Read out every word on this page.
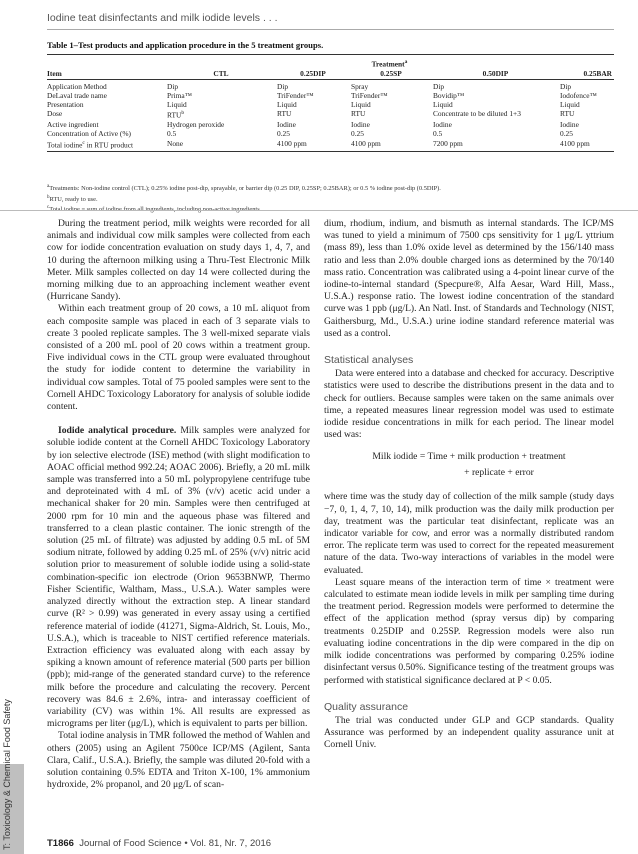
Iodine teat disinfectants and milk iodide levels . . .
Table 1–Test products and application procedure in the 5 treatment groups.
	Treatment$^a$
Item	CTL	0.25DIP	0.25SP	0.50DIP	0.25BAR
Application Method	Dip	Dip	Spray	Dip	Dip
DeLaval trade name	Prima™	TriFender™	TriFender™	Bovidip™	Iodofence™
Presentation	Liquid	Liquid	Liquid	Liquid	Liquid
Dose	RTU$^b$	RTU	RTU	Concentrate to be diluted 1+3	RTU
Active ingredient	Hydrogen peroxide	Iodine	Iodine	Iodine	Iodine
Concentration of Active (%)	0.5	0.25	0.25	0.5	0.25
Total iodine$^c$ in RTU product	None	4100 ppm	4100 ppm	7200 ppm	4100 ppm
$^a$Treatments: Non-iodine control (CTL); 0.25% iodine post-dip, sprayable, or barrier dip (0.25 DIP, 0.25SP; 0.25BAR); or 0.5 % iodine post-dip (0.5DIP).
$^b$RTU, ready to use.
$^c$Total iodine = sum of iodine from all ingredients, including non-active ingredients.

During the treatment period, milk weights were recorded for all animals and individual cow milk samples were collected from each cow for iodide concentration evaluation on study days 1, 4, 7, and 10 during the afternoon milking using a Thru-Test Electronic Milk Meter. Milk samples collected on day 14 were collected during the morning milking due to an approaching inclement weather event (Hurricane Sandy).

Within each treatment group of 20 cows, a 10 mL aliquot from each composite sample was placed in each of 3 separate vials to create 3 pooled replicate samples. The 3 well-mixed separate vials consisted of a 200 mL pool of 20 cows within a treatment group. Five individual cows in the CTL group were evaluated throughout the study for iodide content to determine the variability in individual cow samples. Total of 75 pooled samples were sent to the Cornell AHDC Toxicology Laboratory for analysis of soluble iodide content.

Iodide analytical procedure. Milk samples were analyzed for soluble iodide content at the Cornell AHDC Toxicology Laboratory by ion selective electrode (ISE) method (with slight modification to AOAC official method 992.24; AOAC 2006). Briefly, a 20 mL milk sample was transferred into a 50 mL polypropylene centrifuge tube and deproteinated with 4 mL of 3% (v/v) acetic acid under a mechanical shaker for 20 min. Samples were then centrifuged at 2000 rpm for 10 min and the aqueous phase was filtered and transferred to a clean plastic container. The ionic strength of the solution (25 mL of filtrate) was adjusted by adding 0.5 mL of 5M sodium nitrate, followed by adding 0.25 mL of 25% (v/v) nitric acid solution prior to measurement of soluble iodide using a solid-state combination-specific ion electrode (Orion 9653BNWP, Thermo Fisher Scientific, Waltham, Mass., U.S.A.). Water samples were analyzed directly without the extraction step. A linear standard curve (R² > 0.99) was generated in every assay using a certified reference material of iodide (41271, Sigma-Aldrich, St. Louis, Mo., U.S.A.), which is traceable to NIST certified reference materials. Extraction efficiency was evaluated along with each assay by spiking a known amount of reference material (500 parts per billion (ppb); mid-range of the generated standard curve) to the reference milk before the procedure and calculating the recovery. Percent recovery was 84.6 ± 2.6%, intra- and interassay coefficient of variability (CV) was within 1%. All results are expressed as micrograms per liter (μg/L), which is equivalent to parts per billion.

Total iodine analysis in TMR followed the method of Wahlen and others (2005) using an Agilent 7500ce ICP/MS (Agilent, Santa Clara, Calif., U.S.A.). Briefly, the sample was diluted 20-fold with a solution containing 0.5% EDTA and Triton X-100, 1% ammonium hydroxide, 2% propanol, and 20 μg/L of scan-

dium, rhodium, indium, and bismuth as internal standards. The ICP/MS was tuned to yield a minimum of 7500 cps sensitivity for 1 μg/L yttrium (mass 89), less than 1.0% oxide level as determined by the 156/140 mass ratio and less than 2.0% double charged ions as determined by the 70/140 mass ratio. Concentration was calibrated using a 4-point linear curve of the iodine-to-internal standard (Specpure®, Alfa Aesar, Ward Hill, Mass., U.S.A.) response ratio. The lowest iodine concentration of the standard curve was 1 ppb (μg/L). An Natl. Inst. of Standards and Technology (NIST, Gaithersburg, Md., U.S.A.) urine iodine standard reference material was used as a control.

Statistical analyses

Data were entered into a database and checked for accuracy. Descriptive statistics were used to describe the distributions present in the data and to check for outliers. Because samples were taken on the same animals over time, a repeated measures linear regression model was used to estimate iodide residue concentrations in milk for each period. The linear model used was:

Milk iodide = Time + milk production + treatment
+ replicate + error

where time was the study day of collection of the milk sample (study days −7, 0, 1, 4, 7, 10, 14), milk production was the daily milk production per day, treatment was the particular teat disinfectant, replicate was an indicator variable for cow, and error was a normally distributed random error. The replicate term was used to correct for the repeated measurement nature of the data. Two-way interactions of variables in the model were evaluated.

Least square means of the interaction term of time × treatment were calculated to estimate mean iodide levels in milk per sampling time during the treatment period. Regression models were performed to determine the effect of the application method (spray versus dip) by comparing treatments 0.25DIP and 0.25SP. Regression models were also run evaluating iodine concentrations in the dip were compared in the dip on milk iodide concentrations was performed by comparing 0.25% iodine disinfectant versus 0.50%. Significance testing of the treatment groups was performed with statistical significance declared at P < 0.05.

Quality assurance

The trial was conducted under GLP and GCP standards. Quality Assurance was performed by an independent quality assurance unit at Cornell Univ.

T: Toxicology & Chemical Food Safety	T1866 Journal of Food Science • Vol. 81, Nr. 7, 2016
